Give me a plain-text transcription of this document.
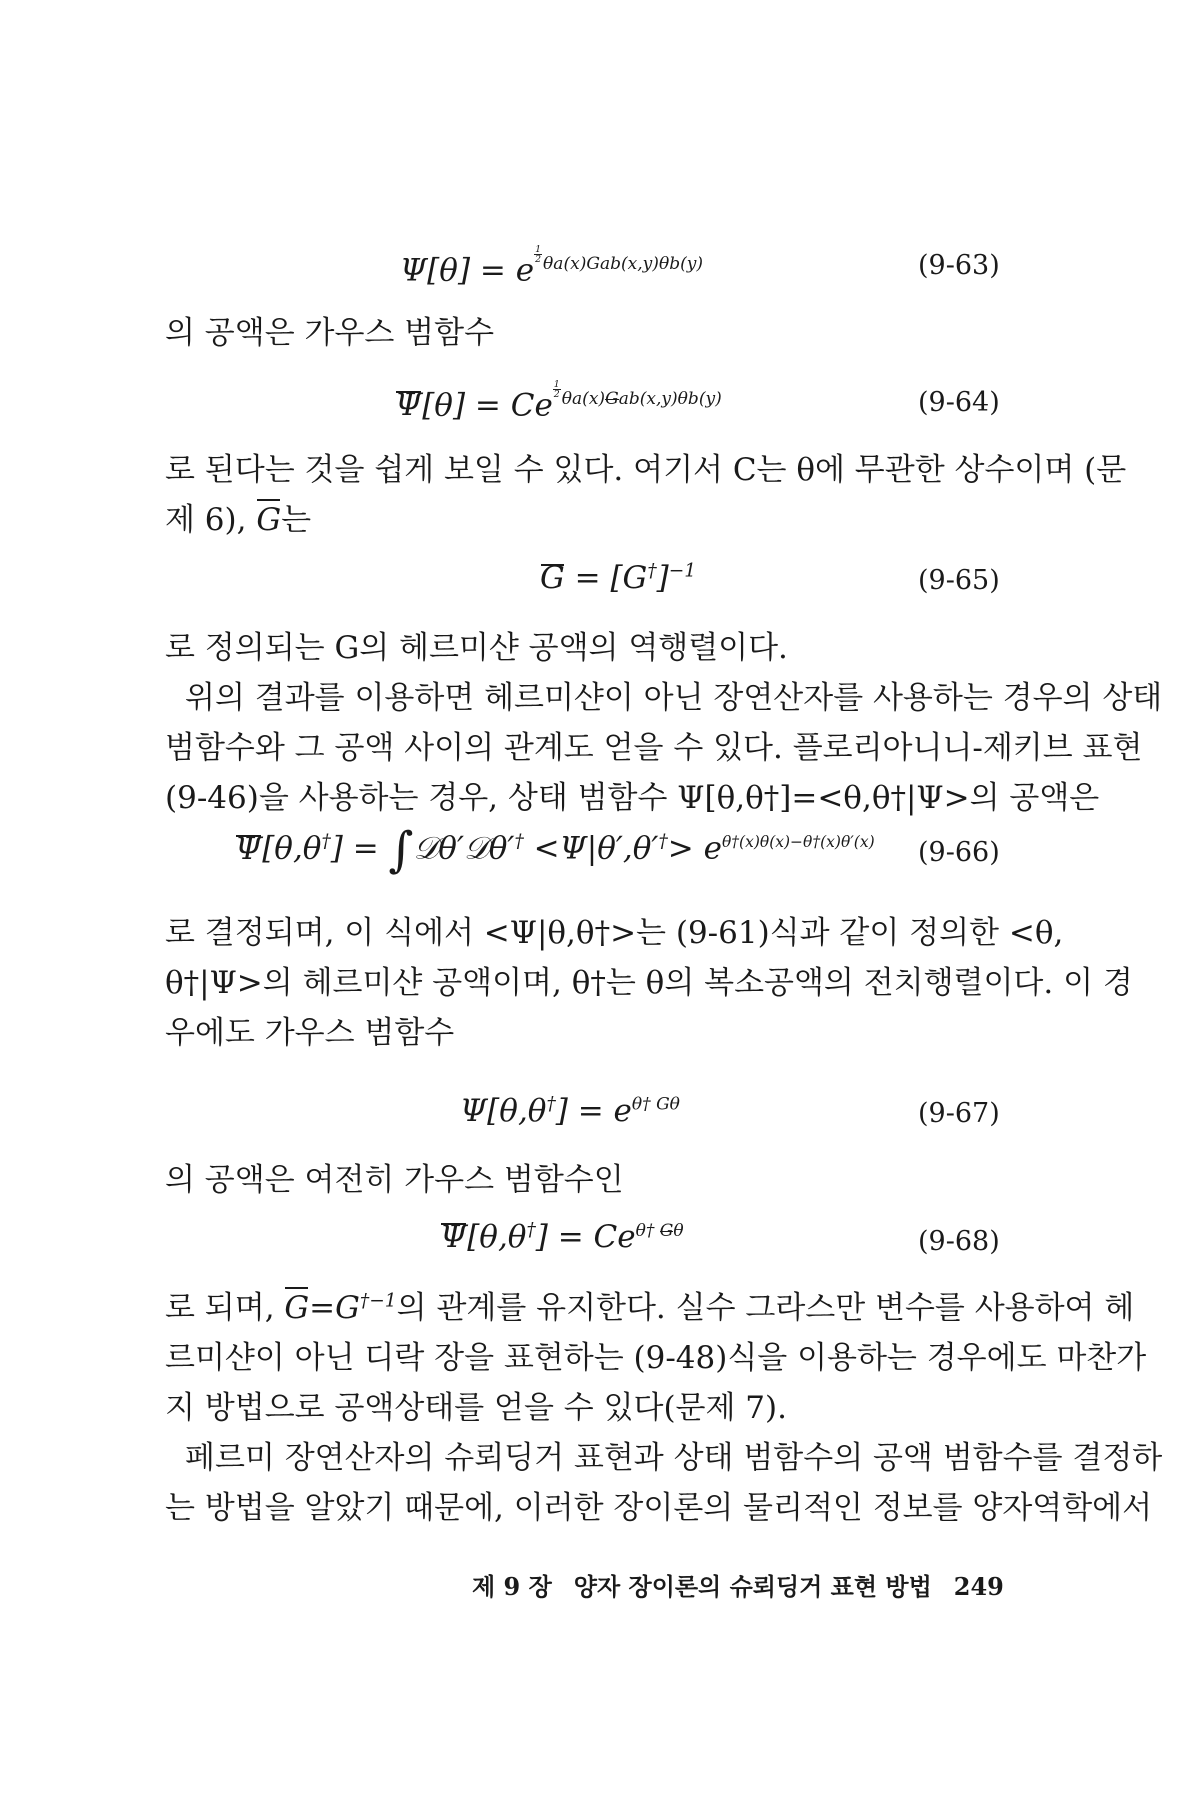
Ψ[θ] = e $^{\frac{1}{2} \theta a(x)Gab(x,y)\theta b(y)}$	(9-63)

의 공액은 가우스 범함수

Ψ[θ] = Ce $^{\frac{1}{2} \theta a(x)Gab(x,y)\theta b(y)}$	(9-64)

로 된다는 것을 쉽게 보일 수 있다. 여기서 C는 θ에 무관한 상수이며 (문
제 6), G는

$G = [G^\dagger]^{-1}$	(9-65)

로 정의되는 G의 헤르미샨 공액의 역행렬이다.

위의 결과를 이용하면 헤르미샨이 아닌 장연산자를 사용하는 경우의 상태
범함수와 그 공액 사이의 관계도 얻을 수 있다. 플로리아니니-제키브 표현
(9-46)을 사용하는 경우, 상태 범함수 Ψ[θ,θ†]=<θ,θ†|Ψ>의 공액은

Ψ[θ,θ†] = ∫𝒟θ′𝒟θ′† $<\Psi|\theta',\theta'^\dagger> e^{\theta\dagger(x)\theta(x)-\theta\dagger(x)\theta'(x)}$ (9-66)

로 결정되며, 이 식에서 <Ψ|θ,θ†>는 (9-61)식과 같이 정의한 <θ,
θ†|Ψ>의 헤르미샨 공액이며, θ†는 θ의 복소공액의 전치행렬이다. 이 경
우에도 가우스 범함수

$\Psi[\theta,\theta^\dagger] = e^{\theta\dagger G\theta}$	(9-67)

의 공액은 여전히 가우스 범함수인

$\Psi[\theta,\theta^\dagger] = Ce^{\theta\dagger G\theta}$	(9-68)

로 되며, $G=G^{\dagger-1}$의 관계를 유지한다. 실수 그라스만 변수를 사용하여 헤
르미샨이 아닌 디락 장을 표현하는 (9-48)식을 이용하는 경우에도 마찬가
지 방법으로 공액상태를 얻을 수 있다(문제 7).

페르미 장연산자의 슈뢰딩거 표현과 상태 범함수의 공액 범함수를 결정하
는 방법을 알았기 때문에, 이러한 장이론의 물리적인 정보를 양자역학에서

제 9 장 양자 장이론의 슈뢰딩거 표현 방법 249
